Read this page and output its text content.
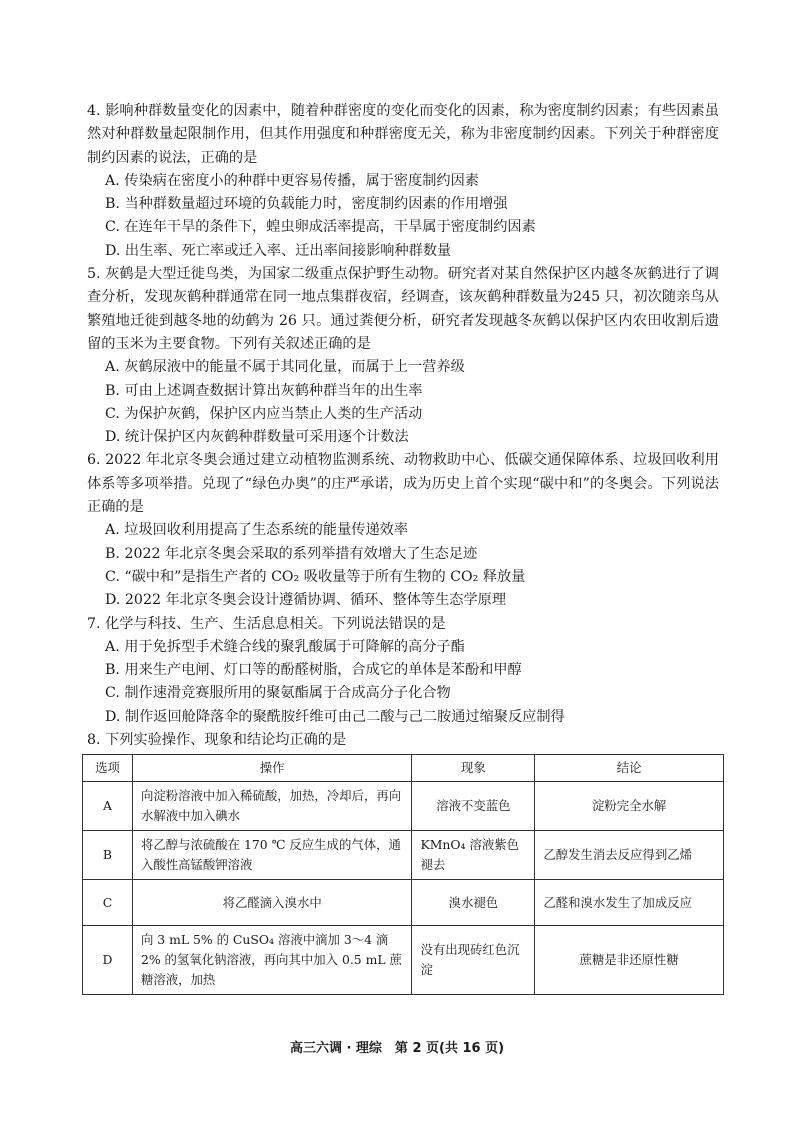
4. 影响种群数量变化的因素中，随着种群密度的变化而变化的因素，称为密度制约因素；有些因素虽然对种群数量起限制作用，但其作用强度和种群密度无关，称为非密度制约因素。下列关于种群密度制约因素的说法，正确的是

A. 传染病在密度小的种群中更容易传播，属于密度制约因素

B. 当种群数量超过环境的负载能力时，密度制约因素的作用增强

C. 在连年干旱的条件下，蝗虫卵成活率提高，干旱属于密度制约因素

D. 出生率、死亡率或迁入率、迁出率间接影响种群数量

5. 灰鹤是大型迁徙鸟类，为国家二级重点保护野生动物。研究者对某自然保护区内越冬灰鹤进行了调查分析，发现灰鹤种群通常在同一地点集群夜宿，经调查，该灰鹤种群数量为245 只，初次随亲鸟从繁殖地迁徙到越冬地的幼鹤为 26 只。通过粪便分析，研究者发现越冬灰鹤以保护区内农田收割后遗留的玉米为主要食物。下列有关叙述正确的是

A. 灰鹤尿液中的能量不属于其同化量，而属于上一营养级

B. 可由上述调查数据计算出灰鹤种群当年的出生率

C. 为保护灰鹤，保护区内应当禁止人类的生产活动

D. 统计保护区内灰鹤种群数量可采用逐个计数法

6. 2022 年北京冬奥会通过建立动植物监测系统、动物救助中心、低碳交通保障体系、垃圾回收利用体系等多项举措。兑现了“绿色办奥”的庄严承诺，成为历史上首个实现“碳中和”的冬奥会。下列说法正确的是

A. 垃圾回收利用提高了生态系统的能量传递效率

B. 2022 年北京冬奥会采取的系列举措有效增大了生态足迹

C. “碳中和”是指生产者的 CO₂ 吸收量等于所有生物的 CO₂ 释放量

D. 2022 年北京冬奥会设计遵循协调、循环、整体等生态学原理

7. 化学与科技、生产、生活息息相关。下列说法错误的是

A. 用于免拆型手术缝合线的聚乳酸属于可降解的高分子酯

B. 用来生产电闸、灯口等的酚醛树脂，合成它的单体是苯酚和甲醇

C. 制作速滑竞赛服所用的聚氨酯属于合成高分子化合物

D. 制作返回舱降落伞的聚酰胺纤维可由己二酸与己二胺通过缩聚反应制得

8. 下列实验操作、现象和结论均正确的是

选项	操作	现象	结论
A	向淀粉溶液中加入稀硫酸，加热，冷却后，再向水解液中加入碘水	溶液不变蓝色	淀粉完全水解
B	将乙醇与浓硫酸在 170 ℃ 反应生成的气体，通入酸性高锰酸钾溶液	KMnO₄ 溶液紫色褪去	乙醇发生消去反应得到乙烯
C	将乙醛滴入溴水中	溴水褪色	乙醛和溴水发生了加成反应
D	向 3 mL 5% 的 CuSO₄ 溶液中滴加 3～4 滴 2% 的氢氧化钠溶液，再向其中加入 0.5 mL 蔗糖溶液，加热	没有出现砖红色沉淀	蔗糖是非还原性糖
高三六调 · 理综　第 2 页(共 16 页)
